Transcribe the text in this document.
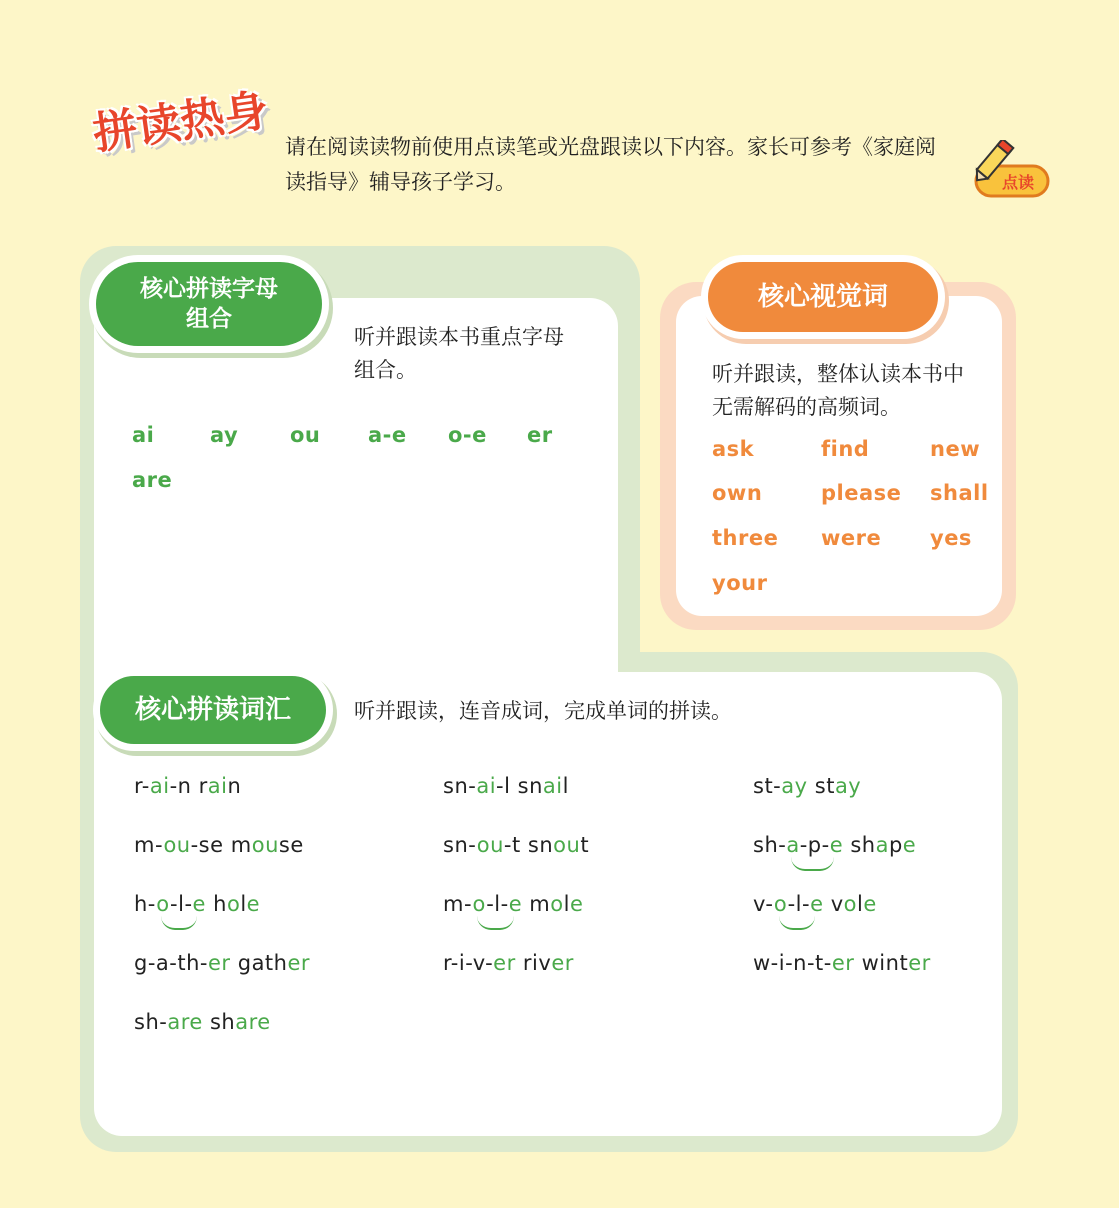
拼读热身 请在阅读读物前使用点读笔或光盘跟读以下内容。家长可参考《家庭阅
读指导》辅导孩子学习。	点读
核心拼读字母
组合
听并跟读本书重点字母
组合。
ai	ay ou a-e o-e er
are
核心视觉词
听并跟读，整体认读本书中
无需解码的高频词。
ask	find	new
own	please shall
three were yes
your
核心拼读词汇	听并跟读，连音成词，完成单词的拼读。
r-ai-n rain	sn-ai-l snail	st-ay stay
m-ou-se mouse	sn-ou-t snout	sh-a-p-e shape
h-o-l-e hole	m-o-l-e mole	v-o-l-e vole
g-a-th-er gather	r-i-v-er river	w-i-n-t-er winter
sh-are share
